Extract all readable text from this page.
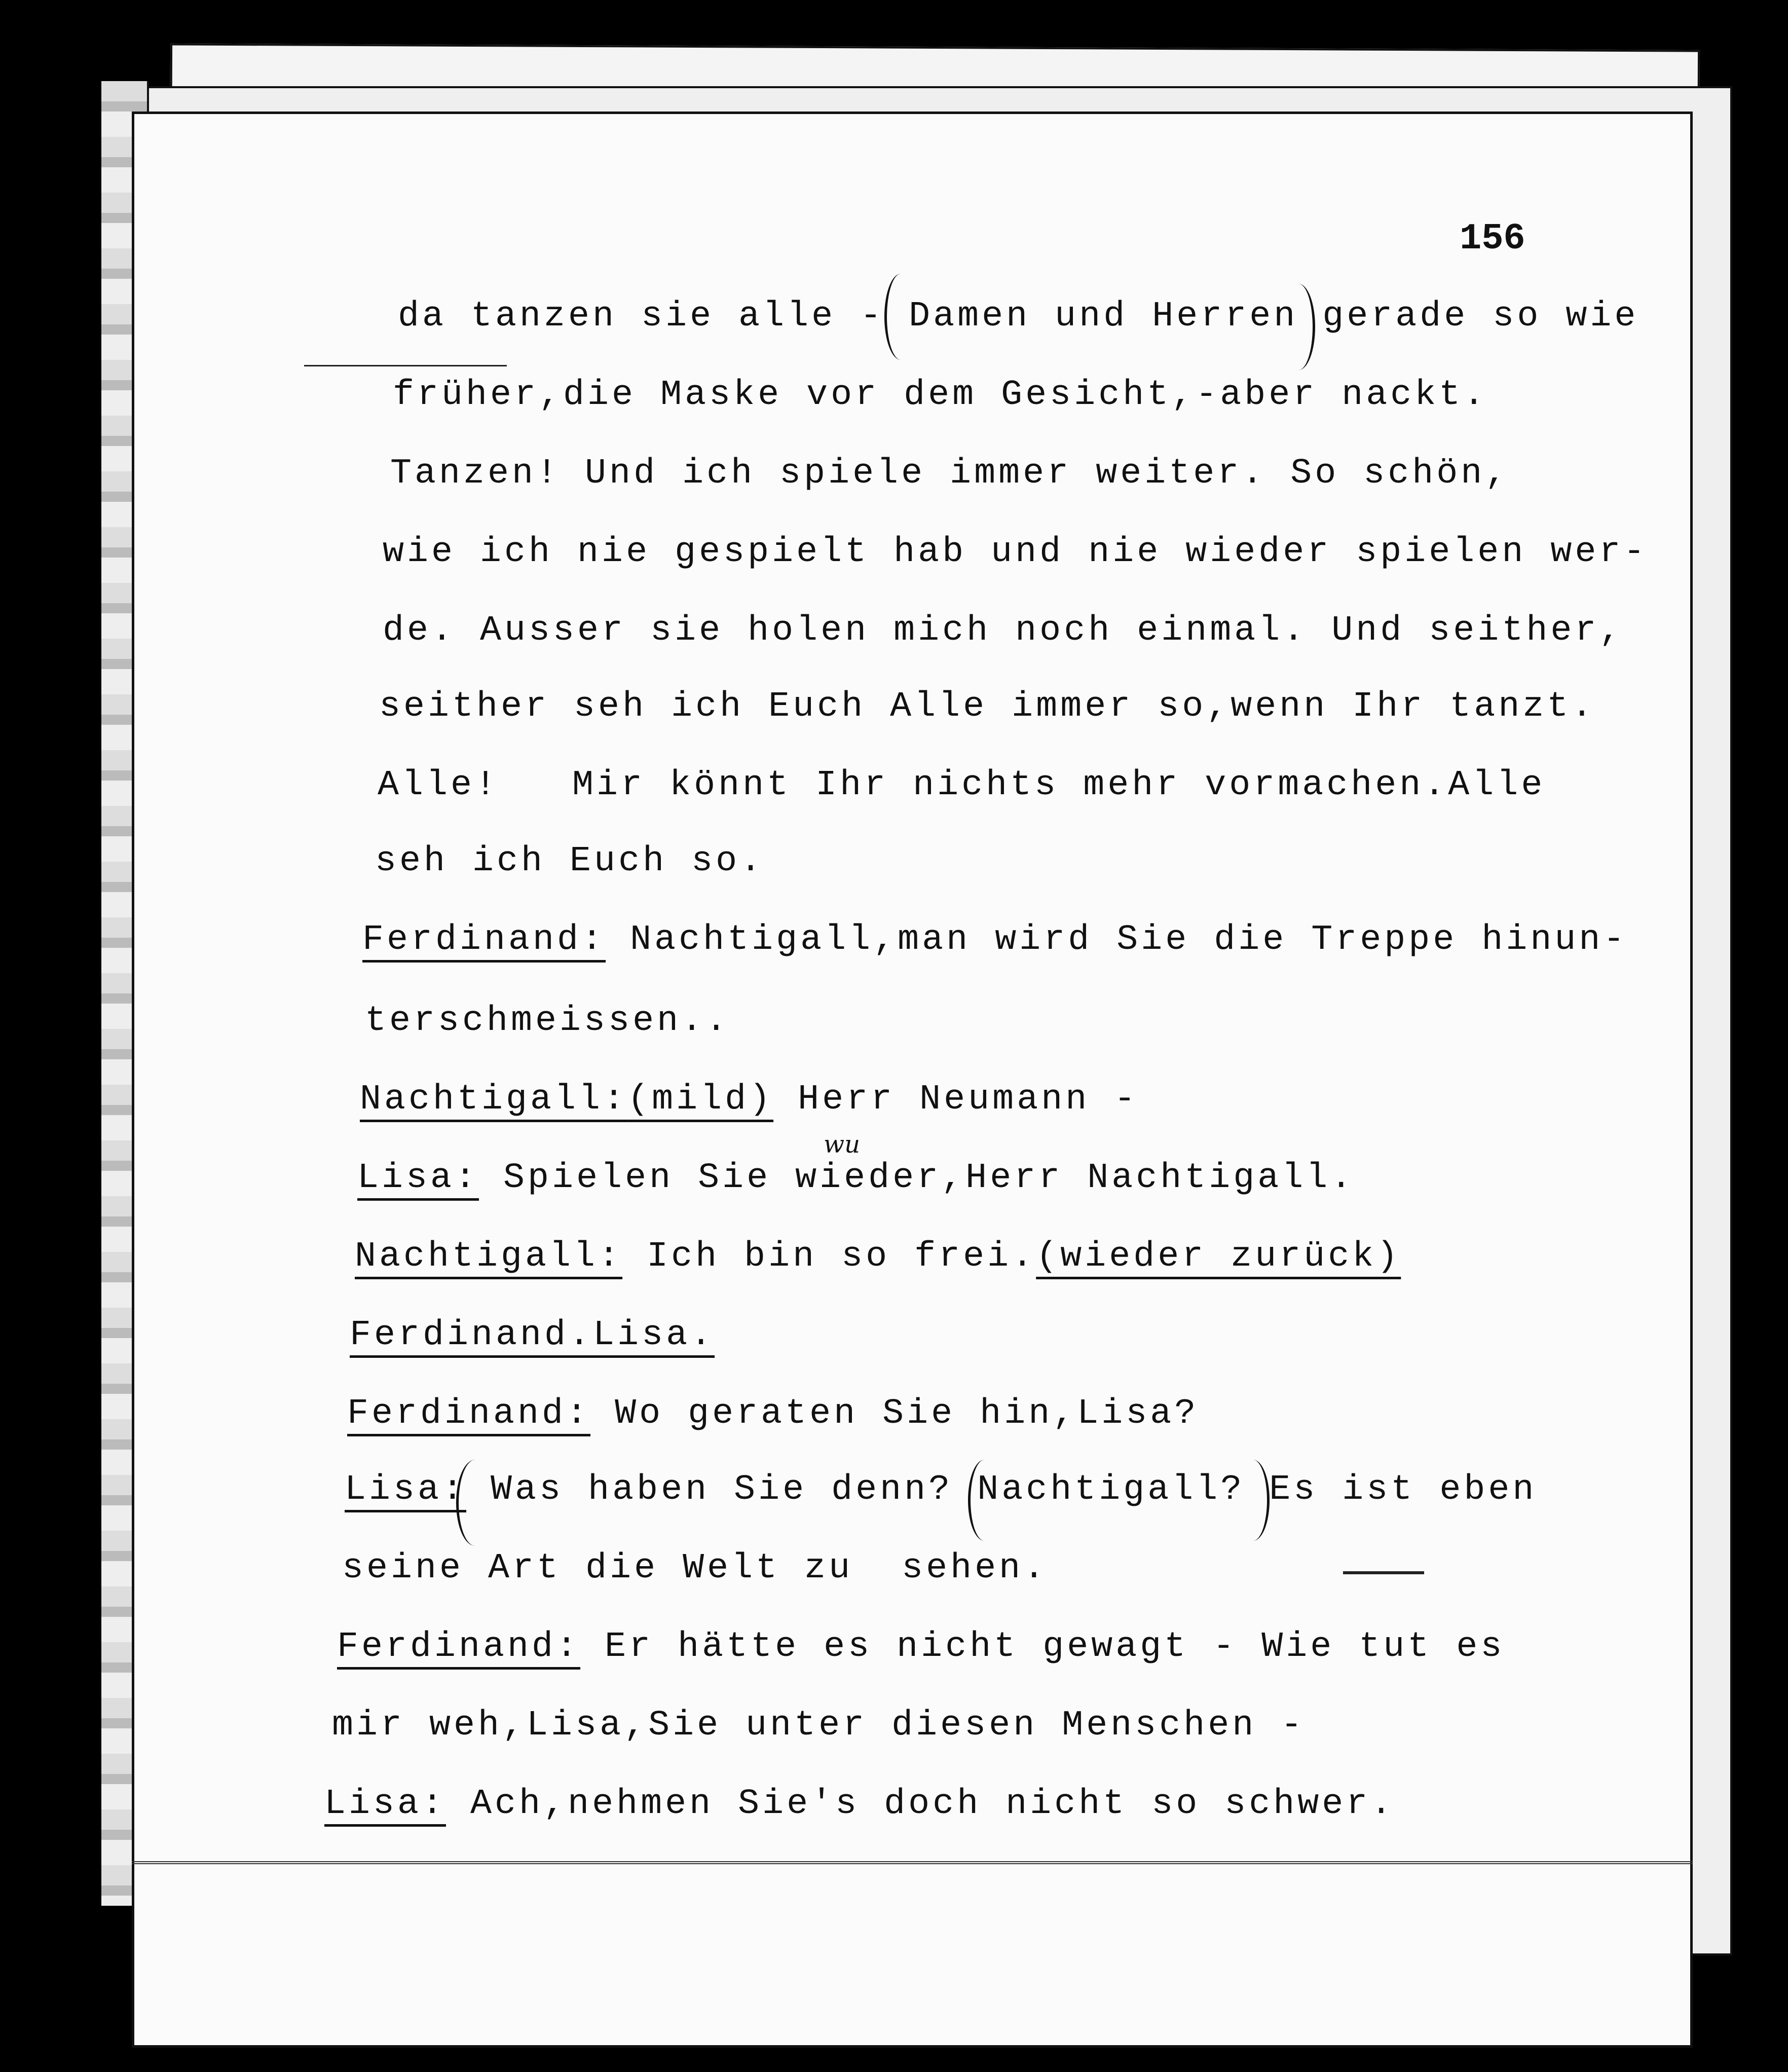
156
da tanzen sie alle - Damen und Herren gerade so wie
früher,die Maske vor dem Gesicht,-aber nackt.
Tanzen! Und ich spiele immer weiter. So schön,
wie ich nie gespielt hab und nie wieder spielen wer-
de. Ausser sie holen mich noch einmal. Und seither,
seither seh ich Euch Alle immer so,wenn Ihr tanzt.
Alle!   Mir könnt Ihr nichts mehr vormachen.Alle
seh ich Euch so.
Ferdinand: Nachtigall,man wird Sie die Treppe hinun-
terschmeissen..
Nachtigall:(mild) Herr Neumann -
wu
Lisa: Spielen Sie wieder,Herr Nachtigall.
Nachtigall: Ich bin so frei.(wieder zurück)
Ferdinand.Lisa.
Ferdinand: Wo geraten Sie hin,Lisa?
Lisa: Was haben Sie denn? Nachtigall? Es ist eben
seine Art die Welt zu  sehen.
Ferdinand: Er hätte es nicht gewagt - Wie tut es
mir weh,Lisa,Sie unter diesen Menschen -
Lisa: Ach,nehmen Sie's doch nicht so schwer.
